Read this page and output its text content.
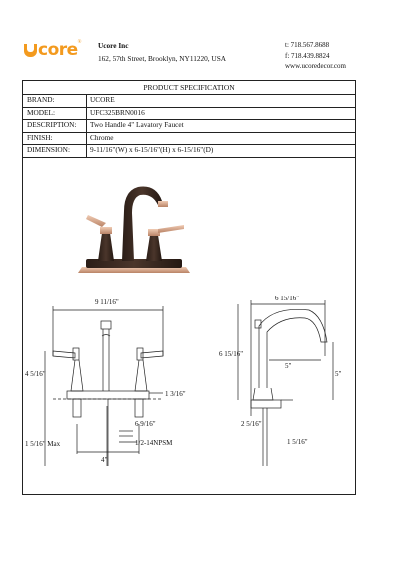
core ® Ucore Inc
162, 57th Street, Brooklyn, NY11220, USA
t: 718.567.8688
f: 718.439.8824
www.ucoredecor.com
PRODUCT SPECIFICATION
BRAND:	UCORE
MODEL:	UFC325BRN0016
DESCRIPTION:	Two Handle 4" Lavatory Faucet
FINISH:	Chrome
DIMENSION:	9-11/16"(W) x 6-15/16"(H) x 6-15/16"(D)
9 11/16"
4 5/16"
1 3/16"
6 9/16"
1/2-14NPSM
1 5/16" Max
4"
6 15/16"
6 15/16"
5"
5"
2 5/16"
1 5/16"
